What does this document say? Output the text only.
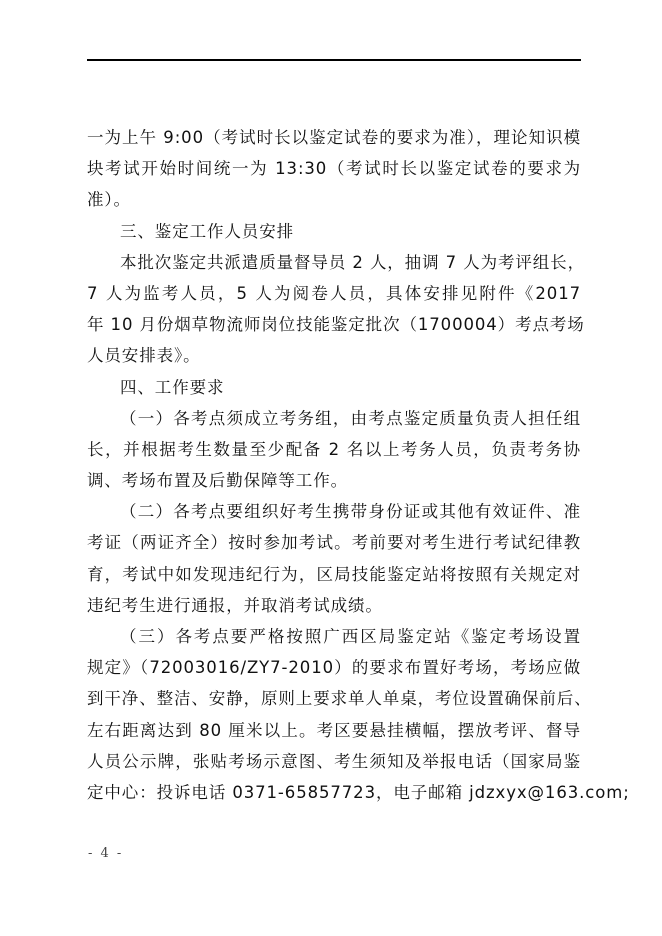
一为上午 9:00（考试时长以鉴定试卷的要求为准），理论知识模
块考试开始时间统一为 13:30（考试时长以鉴定试卷的要求为
准）。
三、鉴定工作人员安排
本批次鉴定共派遣质量督导员 2 人，抽调 7 人为考评组长，
7 人为监考人员，5 人为阅卷人员，具体安排见附件《2017
年 10 月份烟草物流师岗位技能鉴定批次（1700004）考点考场
人员安排表》。
四、工作要求
（一）各考点须成立考务组，由考点鉴定质量负责人担任组
长，并根据考生数量至少配备 2 名以上考务人员，负责考务协
调、考场布置及后勤保障等工作。
（二）各考点要组织好考生携带身份证或其他有效证件、准
考证（两证齐全）按时参加考试。考前要对考生进行考试纪律教
育，考试中如发现违纪行为，区局技能鉴定站将按照有关规定对
违纪考生进行通报，并取消考试成绩。
（三）各考点要严格按照广西区局鉴定站《鉴定考场设置
规定》（72003016/ZY7-2010）的要求布置好考场，考场应做
到干净、整洁、安静，原则上要求单人单桌，考位设置确保前后、
左右距离达到 80 厘米以上。考区要悬挂横幅，摆放考评、督导
人员公示牌，张贴考场示意图、考生须知及举报电话（国家局鉴
定中心：投诉电话 0371-65857723，电子邮箱 jdzxyx@163.com;
- 4 -
